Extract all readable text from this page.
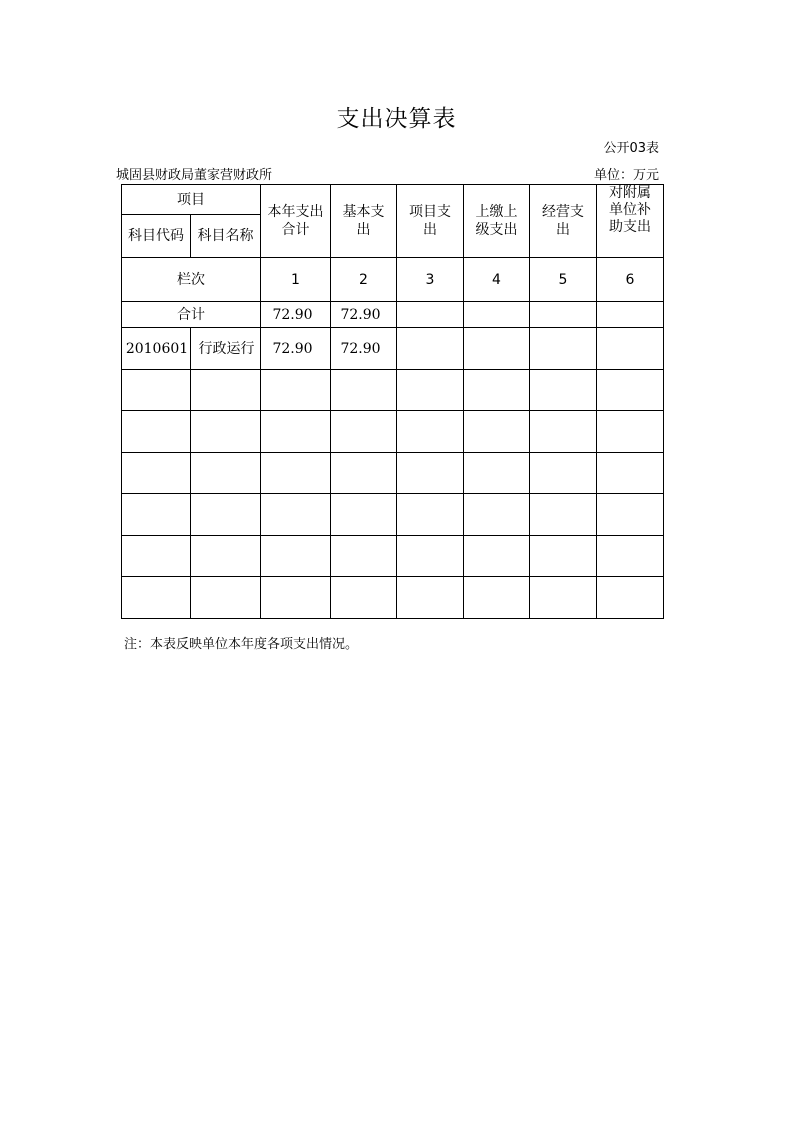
支出决算表
公开03表
城固县财政局董家营财政所	单位：万元
项目		本年支出合计	基本支出	项目支出	上缴上级支出	经营支出	对附属单位补助支出

科目代码	科目名称						
栏次		1	2	3	4	5	6
合计		72.90	72.90				
2010601	行政运行	72.90	72.90				

注：本表反映单位本年度各项支出情况。
